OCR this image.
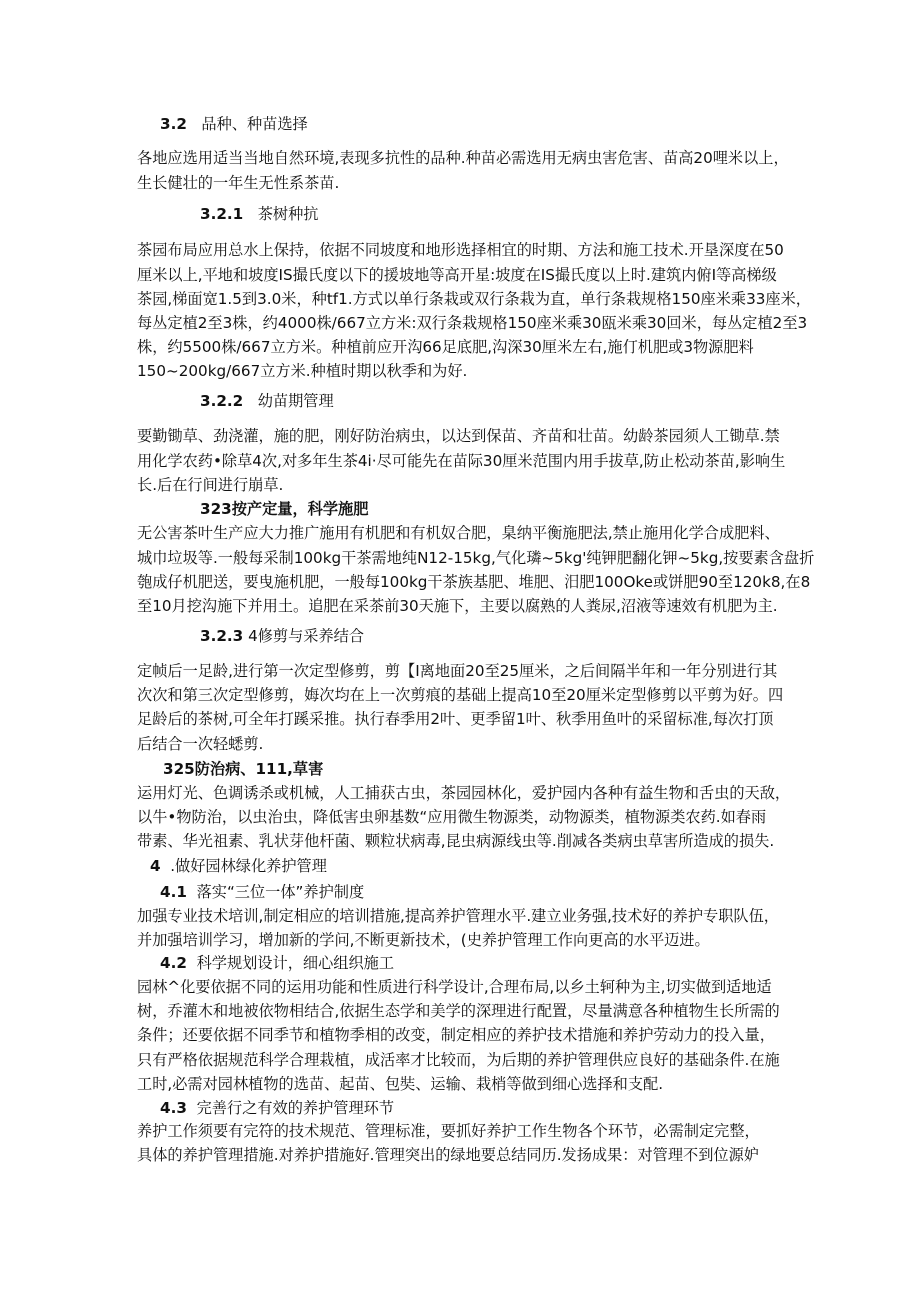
3.2 品种、种苗选择
各地应选用适当当地自然环境,表现多抗性的品种.种苗必需选用无病虫害危害、苗高20哩米以上，
生长健壮的一年生无性系茶苗.
3.2.1 茶树种抗
茶园布局应用总水上保持，依据不同坡度和地形选择相宜的时期、方法和施工技术.开垦深度在50
厘米以上,平地和坡度IS撮氏度以下的援坡地等高开星:坡度在IS撮氏度以上时.建筑内俯I等高梯级
茶园,梯面宽1.5到3.0米，种tf1.方式以单行条栽或双行条栽为直，单行条栽规格150座米乘33座米，
每丛定植2至3株，约4000株/667立方米:双行条栽规格150座米乘30瓯米乘30回米，每丛定植2至3
株，约5500株/667立方米。种植前应开沟66足底肥,沟深30厘米左右,施仃机肥或3物源肥料
150~200kg/667立方米.种植时期以秋季和为好.
3.2.2 幼苗期管理
要勤锄草、劲浇灌，施的肥，刚好防治病虫，以达到保苗、齐苗和壮苗。幼龄茶园须人工锄草.禁
用化学农药•除草4次,对多年生茶4i·尽可能先在苗际30厘米范围内用手拔草,防止松动茶苗,影响生
长.后在行间进行崩草.
323按产定量，科学施肥
无公害茶叶生产应大力推广施用有机肥和有机奴合肥，臬纳平衡施肥法,禁止施用化学合成肥料、
城巾垃圾等.一般每采制100kg干茶需地纯N12-15kg,气化璘~5kg'纯钾肥翻化钾~5kg,按要素含盘折
匏成仔机肥送，要曳施机肥，一般每100kg干茶族基肥、堆肥、汨肥100Oke或饼肥90至120k8,在8
至10月挖沟施下并用土。追肥在采茶前30天施下，主要以腐熟的人粪尿,沼液等速效有机肥为主.
3.2.3 4修剪与采养结合
定帧后一足龄,进行第一次定型修剪，剪【I离地面20至25厘米，之后间隔半年和一年分别进行其
次次和第三次定型修剪，娒次均在上一次剪痕的基础上提高10至20厘米定型修剪以平剪为好。四
足龄后的茶树,可全年打蹊采推。执行春季用2叶、更季留1叶、秋季用鱼叶的采留标准,每次打顶
后结合一次轻蟋剪.
325防治病、111,草害
运用灯光、色调诱杀或机械，人工捕获古虫，茶园园林化，爱护园内各种有益生物和舌虫的天敌，
以牛•物防治，以虫治虫，降低害虫卵基数“应用微生物源类，动物源类，植物源类农药.如春雨
带素、华光祖素、乳状芽他杆菌、颗粒状病毒,昆虫病源线虫等.削减各类病虫草害所造成的损失.
4 .做好园林绿化养护管理
4.1 落实“三位一体”养护制度
加强专业技术培训,制定相应的培训措施,提高养护管理水平.建立业务强,技术好的养护专职队伍，
并加强培训学习，增加新的学问,不断更新技术，(史养护管理工作向更高的水平迈进。
4.2 科学规划设计，细心组织施工
园林^化要依据不同的运用功能和性质进行科学设计,合理布局,以乡土轲种为主,切实做到适地适
树，乔灌木和地被依物相结合,依据生态学和美学的深理进行配置，尽量满意各种植物生长所需的
条件；还要依据不同季节和植物季相的改变，制定相应的养护技术措施和养护劳动力的投入量，
只有严格依据规范科学合理栽植，成活率才比较而，为后期的养护管理供应良好的基础条件.在施
工时,必需对园林植物的选苗、起苗、包奘、运输、栽梢等做到细心选择和支配.
4.3 完善行之有效的养护管理环节
养护工作须要有完符的技术规范、管理标准，要抓好养护工作生物各个环节，必需制定完整，
具体的养护管理措施.对养护措施好.管理突出的绿地要总结同历.发扬成果：对管理不到位源妒
